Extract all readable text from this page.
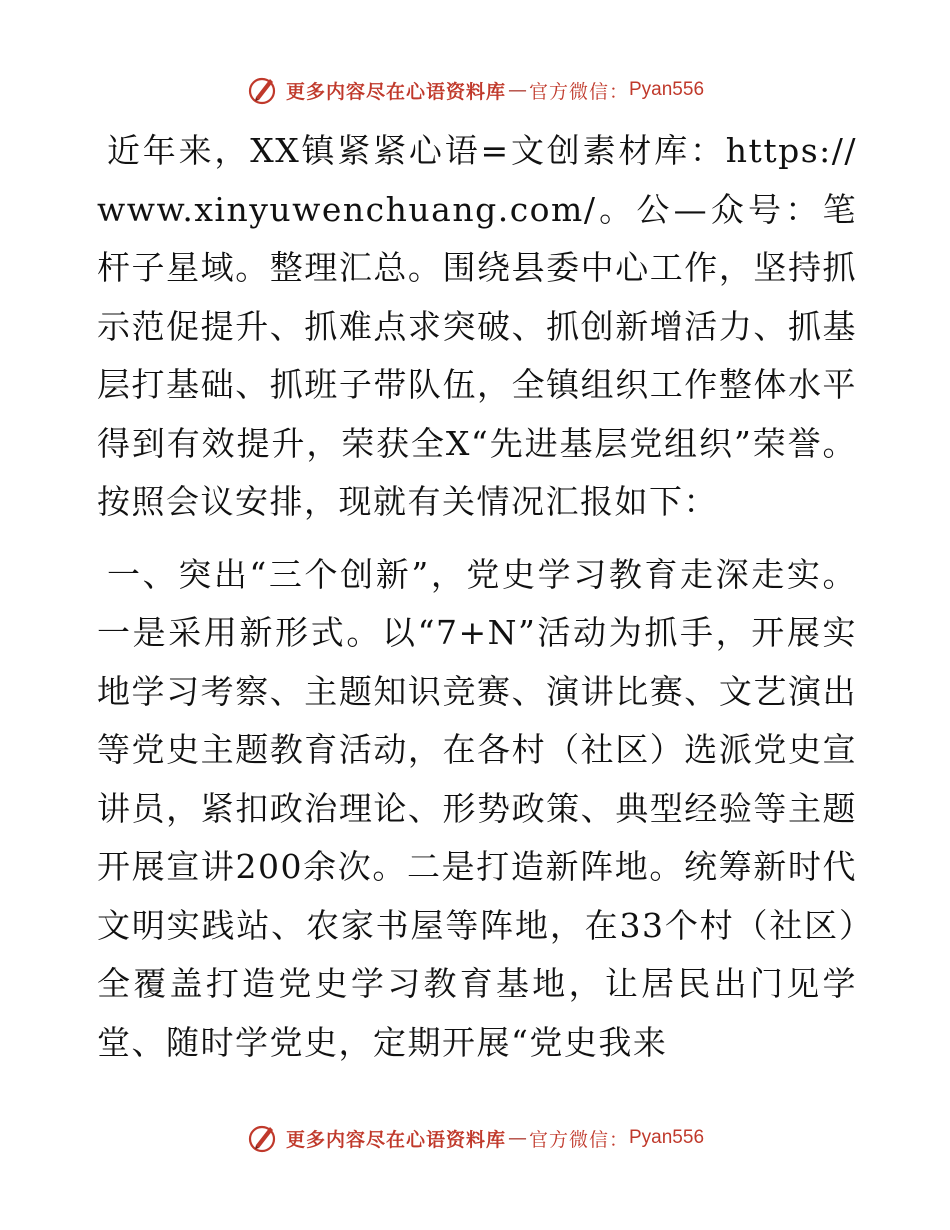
更多内容尽在心语资料库 — 官方微信： Pyan556

近年来，XX镇紧紧心语=文创素材库：https://www.xinyuwenchuang.com/。公—众号：笔杆子星域。整理汇总。围绕县委中心工作，坚持抓示范促提升、抓难点求突破、抓创新增活力、抓基层打基础、抓班子带队伍，全镇组织工作整体水平得到有效提升，荣获全X“先进基层党组织”荣誉。按照会议安排，现就有关情况汇报如下：

一、突出“三个创新”，党史学习教育走深走实。一是采用新形式。以“7+N”活动为抓手，开展实地学习考察、主题知识竞赛、演讲比赛、文艺演出等党史主题教育活动，在各村（社区）选派党史宣讲员，紧扣政治理论、形势政策、典型经验等主题开展宣讲200余次。二是打造新阵地。统筹新时代文明实践站、农家书屋等阵地，在33个村（社区）全覆盖打造党史学习教育基地，让居民出门见学堂、随时学党史，定期开展“党史我来

更多内容尽在心语资料库 — 官方微信： Pyan556
